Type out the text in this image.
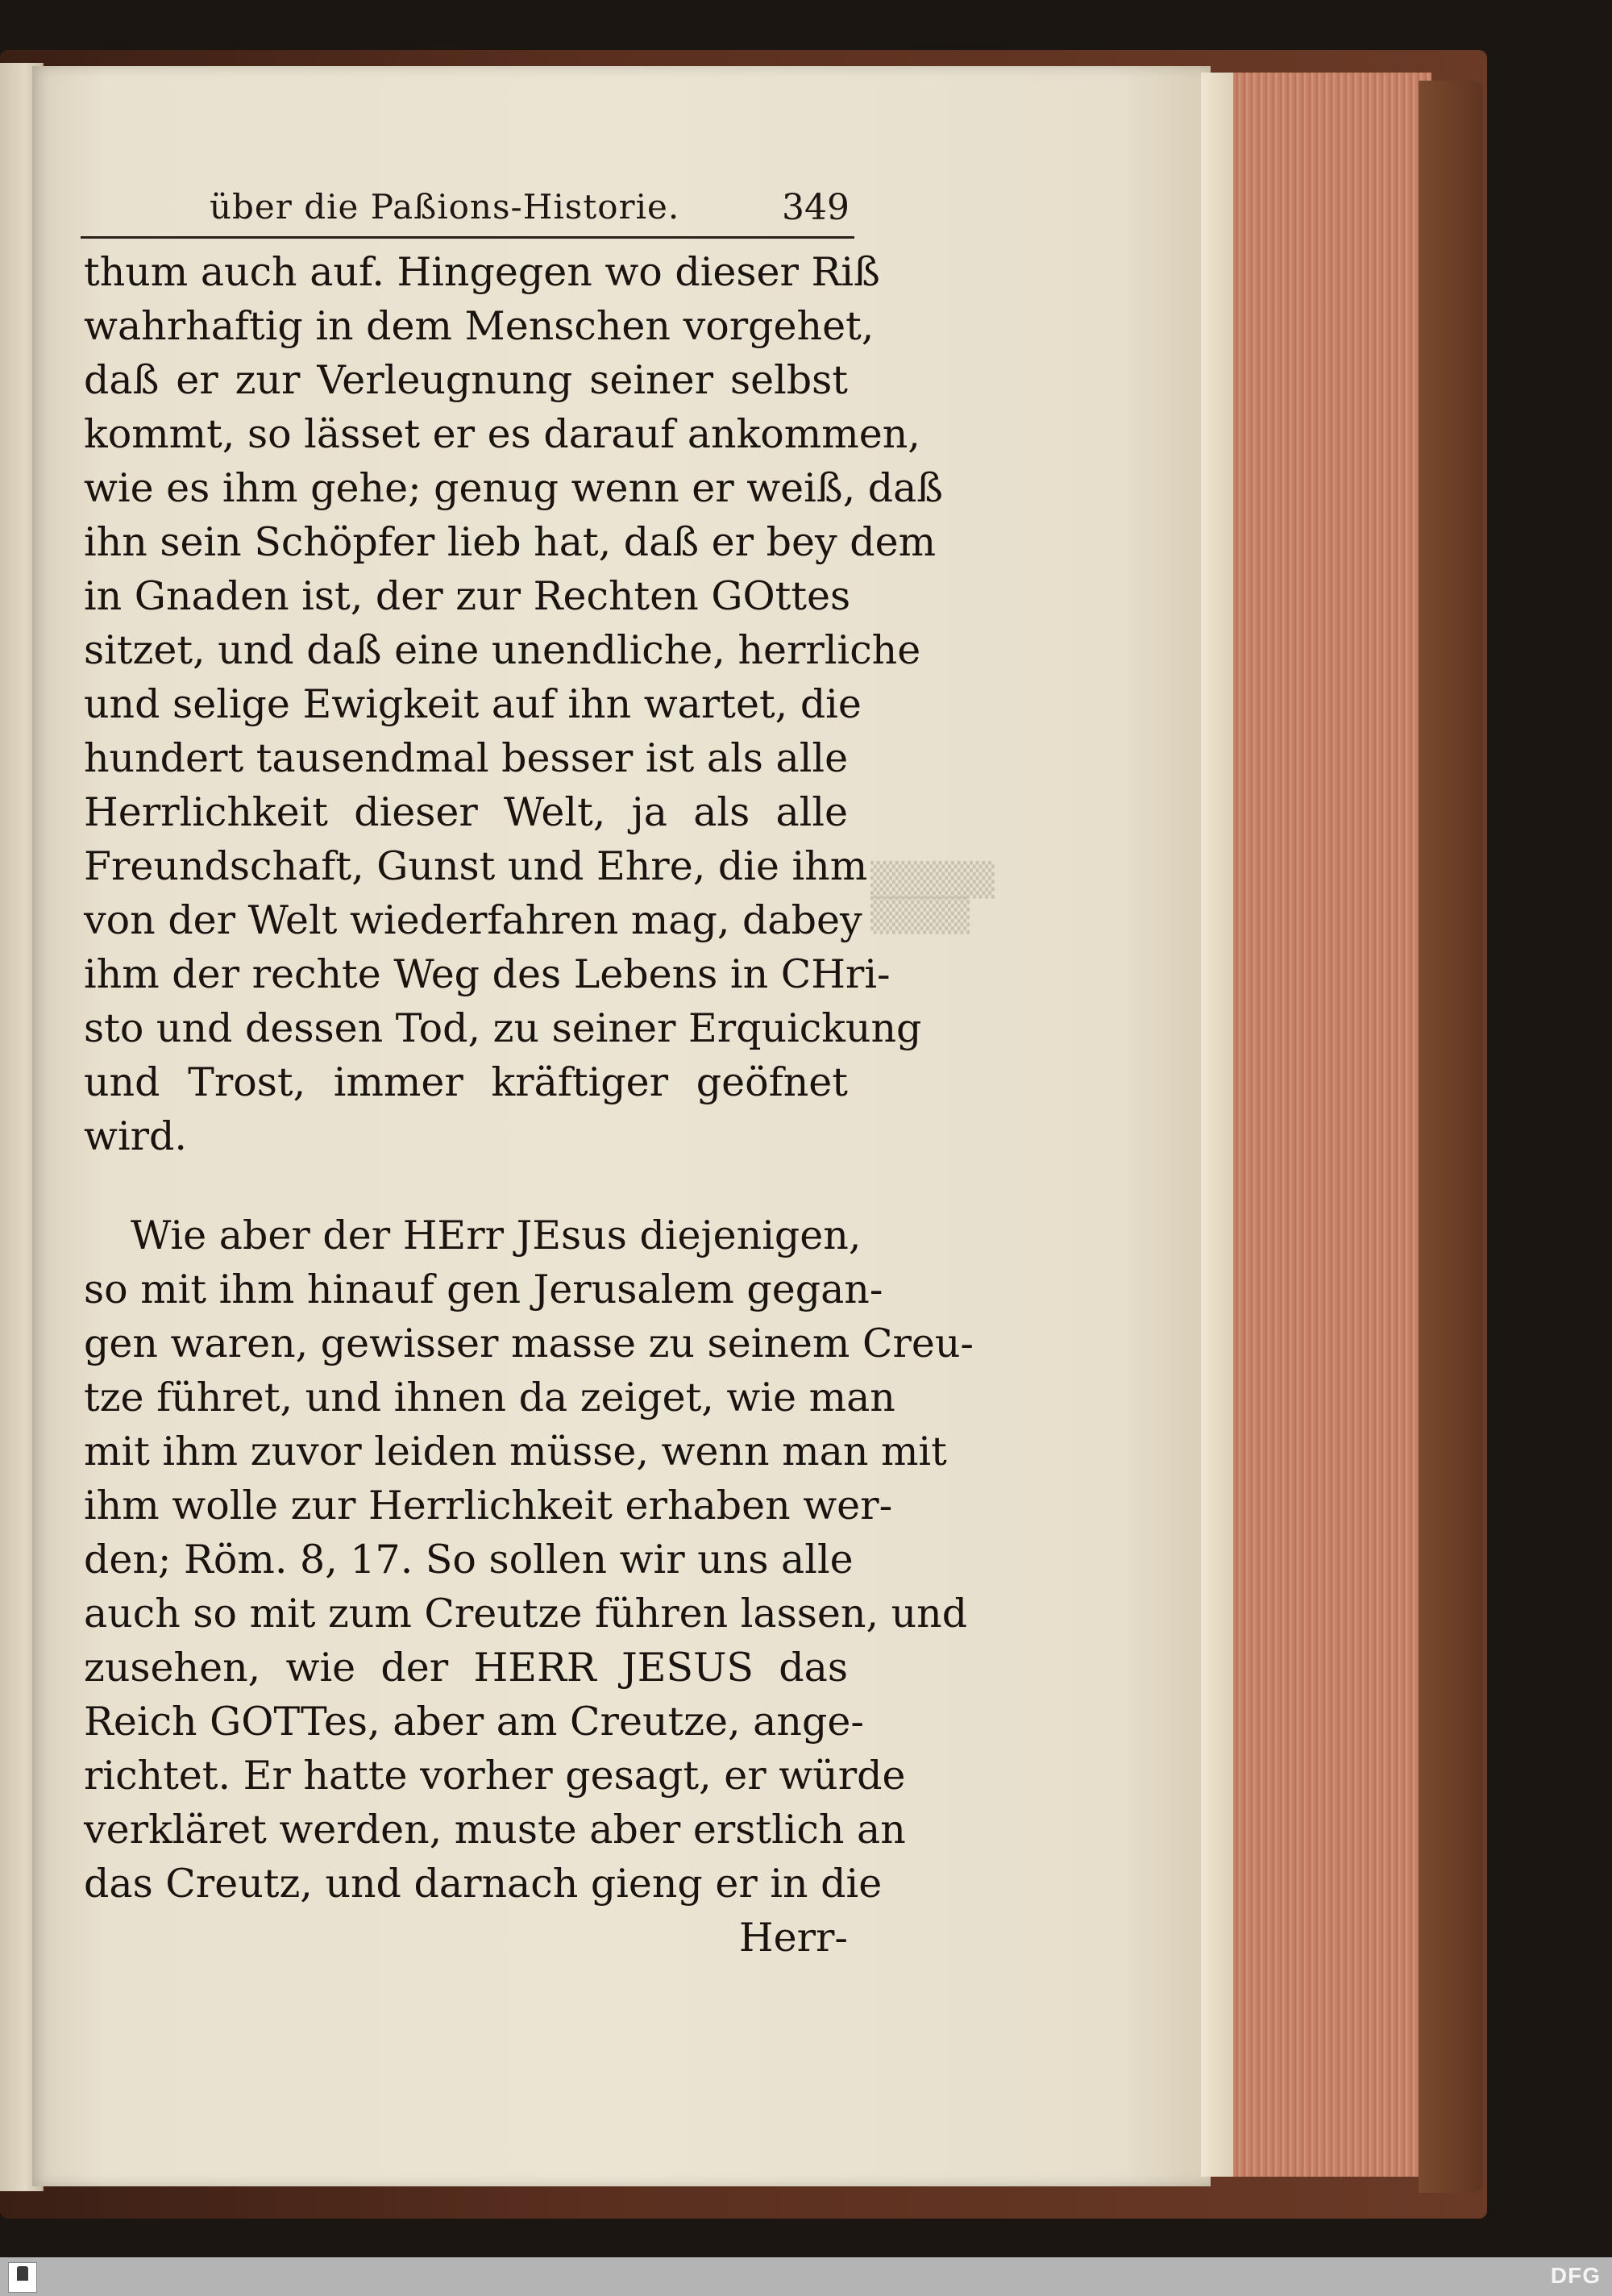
über die Paßions-Historie.	349
thum auch auf. Hingegen wo dieser Riß
wahrhaftig in dem Menschen vorgehet,
daß er zur Verleugnung seiner selbst
kommt, so lässet er es darauf ankommen,
wie es ihm gehe; genug wenn er weiß, daß
ihn sein Schöpfer lieb hat, daß er bey dem
in Gnaden ist, der zur Rechten GOttes
sitzet, und daß eine unendliche, herrliche
und selige Ewigkeit auf ihn wartet, die
hundert tausendmal besser ist als alle
Herrlichkeit dieser Welt, ja als alle
Freundschaft, Gunst und Ehre, die ihm
von der Welt wiederfahren mag, dabey
ihm der rechte Weg des Lebens in CHri-
sto und dessen Tod, zu seiner Erquickung
und Trost, immer kräftiger geöfnet
wird.
Wie aber der HErr JEsus diejenigen,
so mit ihm hinauf gen Jerusalem gegan-
gen waren, gewisser masse zu seinem Creu-
tze führet, und ihnen da zeiget, wie man
mit ihm zuvor leiden müsse, wenn man mit
ihm wolle zur Herrlichkeit erhaben wer-
den; Röm. 8, 17. So sollen wir uns alle
auch so mit zum Creutze führen lassen, und
zusehen, wie der HERR JESUS das
Reich GOTTes, aber am Creutze, ange-
richtet. Er hatte vorher gesagt, er würde
verkläret werden, muste aber erstlich an
das Creutz, und darnach gieng er in die
Herr-
▒▒▒▒▒
▒▒▒▒
DFG
